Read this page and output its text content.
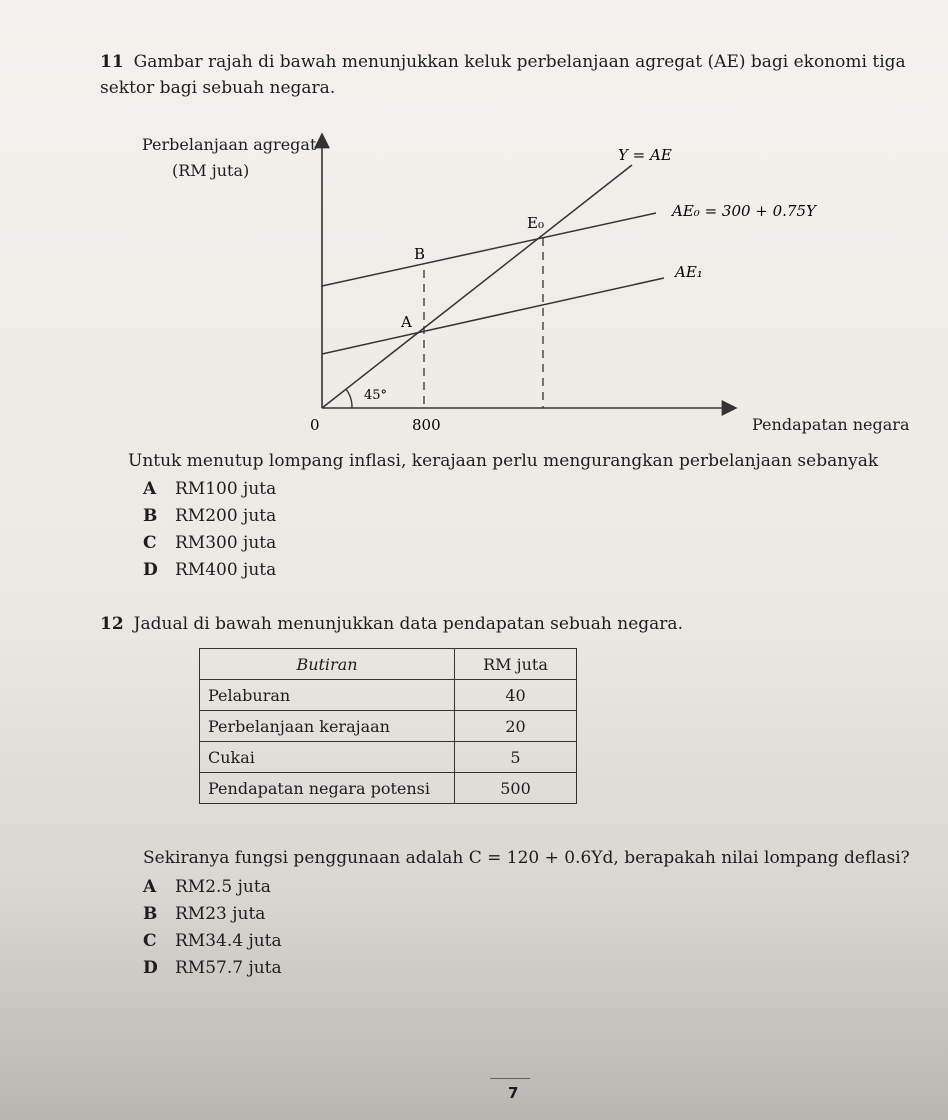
11 Gambar rajah di bawah menunjukkan keluk perbelanjaan agregat (AE) bagi ekonomi tiga
sektor bagi sebuah negara.
Perbelanjaan agregat
(RM juta)
Pendapatan negara
45°
0	800
E₀
B
A
Y = AE
AE₀ = 300 + 0.75Y
AE₁
Untuk menutup lompang inflasi, kerajaan perlu mengurangkan perbelanjaan sebanyak
A RM100 juta
B RM200 juta
C RM300 juta
D RM400 juta
12 Jadual di bawah menunjukkan data pendapatan sebuah negara.
Butiran	RM juta
Pelaburan	40
Perbelanjaan kerajaan	20
Cukai	5
Pendapatan negara potensi	500
Sekiranya fungsi penggunaan adalah C = 120 + 0.6Yd, berapakah nilai lompang deflasi?
A RM2.5 juta
B RM23 juta
C RM34.4 juta
D RM57.7 juta
7
